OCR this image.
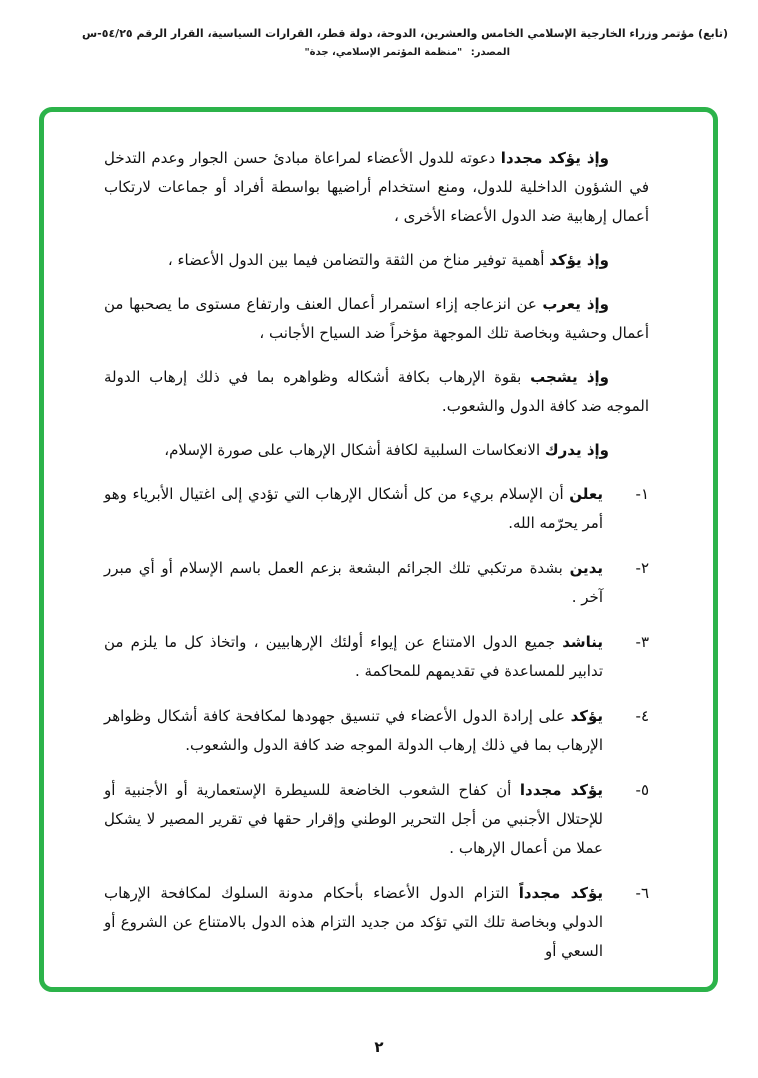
(تابع) مؤتمر وزراء الخارجية الإسلامي الخامس والعشرين، الدوحة، دولة قطر، القرارات السياسية، القرار الرقم ٥٤/٢٥-س
المصدر: "منظمة المؤتمر الإسلامي، جدة"

وإذ يؤكد مجددا دعوته للدول الأعضاء لمراعاة مبادئ حسن الجوار وعدم التدخل في الشؤون الداخلية للدول، ومنع استخدام أراضيها بواسطة أفراد أو جماعات لارتكاب أعمال إرهابية ضد الدول الأعضاء الأخرى ،

وإذ يؤكد أهمية توفير مناخ من الثقة والتضامن فيما بين الدول الأعضاء ،

وإذ يعرب عن انزعاجه إزاء استمرار أعمال العنف وارتفاع مستوى ما يصحبها من أعمال وحشية وبخاصة تلك الموجهة مؤخراً ضد السياح الأجانب ،

وإذ يشجب بقوة الإرهاب بكافة أشكاله وظواهره بما في ذلك إرهاب الدولة الموجه ضد كافة الدول والشعوب.

وإذ يدرك الانعكاسات السلبية لكافة أشكال الإرهاب على صورة الإسلام،

١-

يعلن أن الإسلام بريء من كل أشكال الإرهاب التي تؤدي إلى اغتيال الأبرياء وهو أمر يحرّمه الله.

٢-

يدين بشدة مرتكبي تلك الجرائم البشعة بزعم العمل باسم الإسلام أو أي مبرر آخر .

٣-

يناشد جميع الدول الامتناع عن إيواء أولئك الإرهابيين ، واتخاذ كل ما يلزم من تدابير للمساعدة في تقديمهم للمحاكمة .

٤-

يؤكد على إرادة الدول الأعضاء في تنسيق جهودها لمكافحة كافة أشكال وظواهر الإرهاب بما في ذلك إرهاب الدولة الموجه ضد كافة الدول والشعوب.

٥-

يؤكد مجددا أن كفاح الشعوب الخاضعة للسيطرة الإستعمارية أو الأجنبية أو للإحتلال الأجنبي من أجل التحرير الوطني وإقرار حقها في تقرير المصير لا يشكل عملا من أعمال الإرهاب .

٦-

يؤكد مجدداً التزام الدول الأعضاء بأحكام مدونة السلوك لمكافحة الإرهاب الدولي وبخاصة تلك التي تؤكد من جديد التزام هذه الدول بالامتناع عن الشروع أو السعي أو

٢
